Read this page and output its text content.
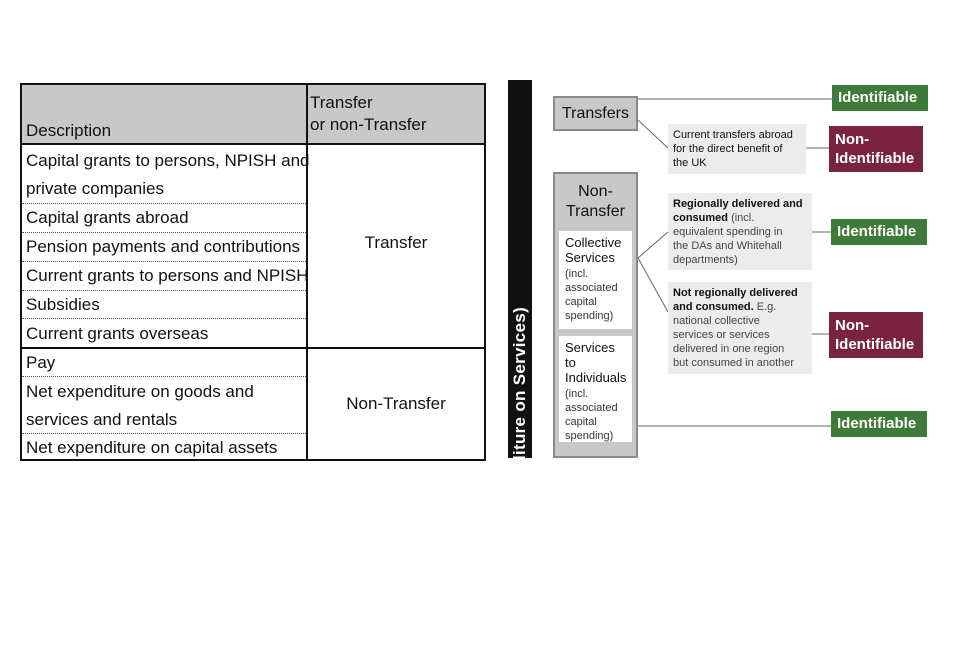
Description
Transfer
or non-Transfer
Capital grants to persons, NPISH and
private companies
Capital grants abroad
Pension payments and contributions
Current grants to persons and NPISH
Subsidies
Current grants overseas
Transfer
Pay
Net expenditure on goods and
services and rentals
Net expenditure on capital assets
Non-Transfer	TES (Total Expenditure on Services)
Transfers
Non-
Transfer
Collective
Services
(incl.
associated
capital
spending)
Services to
Individuals
(incl.
associated
capital
spending)
Current transfers abroad
for the direct benefit of
the UK
Regionally delivered and
consumed (incl.
equivalent spending in
the DAs and Whitehall
departments)
Not regionally delivered
and consumed. E.g.
national collective
services or services
delivered in one region
but consumed in another
Identifiable
Non-
Identifiable
Identifiable
Non-
Identifiable
Identifiable
